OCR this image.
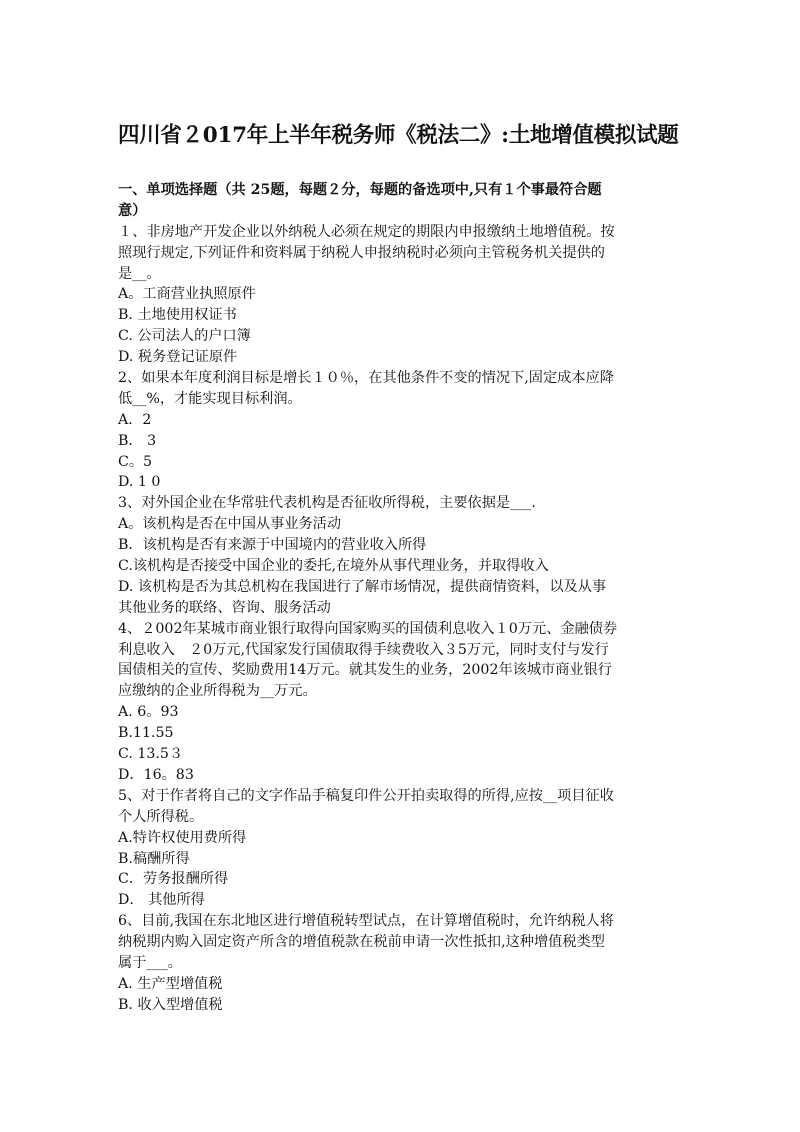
四川省２017年上半年税务师《税法二》:土地增值模拟试题
一、单项选择题（共 25题，每题２分，每题的备选项中,只有１个事最符合题
意）
１、非房地产开发企业以外纳税人必须在规定的期限内申报缴纳土地增值税。按
照现行规定,下列证件和资料属于纳税人申报纳税时必须向主管税务机关提供的
是__。
A。工商营业执照原件
B. 土地使用权证书
C. 公司法人的户口簿
D. 税务登记证原件
2、如果本年度利润目标是增长１０％，在其他条件不变的情况下,固定成本应降
低__%，才能实现目标利润。
A．2
B． 3
C。5
D. 1 0
3、对外国企业在华常驻代表机构是否征收所得税，主要依据是___.
A。该机构是否在中国从事业务活动
B．该机构是否有来源于中国境内的营业收入所得
C.该机构是否接受中国企业的委托,在境外从事代理业务，并取得收入
D. 该机构是否为其总机构在我国进行了解市场情况，提供商情资料，以及从事
其他业务的联络、咨询、服务活动
4、２002年某城市商业银行取得向国家购买的国债利息收入１0万元、金融债券
利息收入　２0万元,代国家发行国债取得手续费收入３5万元，同时支付与发行
国债相关的宣传、奖励费用14万元。就其发生的业务，2002年该城市商业银行
应缴纳的企业所得税为__万元。
A. 6。93
B.11.55
C. 13.5３
D．16。83
5、对于作者将自己的文字作品手稿复印件公开拍卖取得的所得,应按__项目征收
个人所得税。
A.特许权使用费所得
B.稿酬所得
C．劳务报酬所得
D． 其他所得
6、目前,我国在东北地区进行增值税转型试点，在计算增值税时，允许纳税人将
纳税期内购入固定资产所含的增值税款在税前申请一次性抵扣,这种增值税类型
属于___。
A. 生产型增值税
B. 收入型增值税
